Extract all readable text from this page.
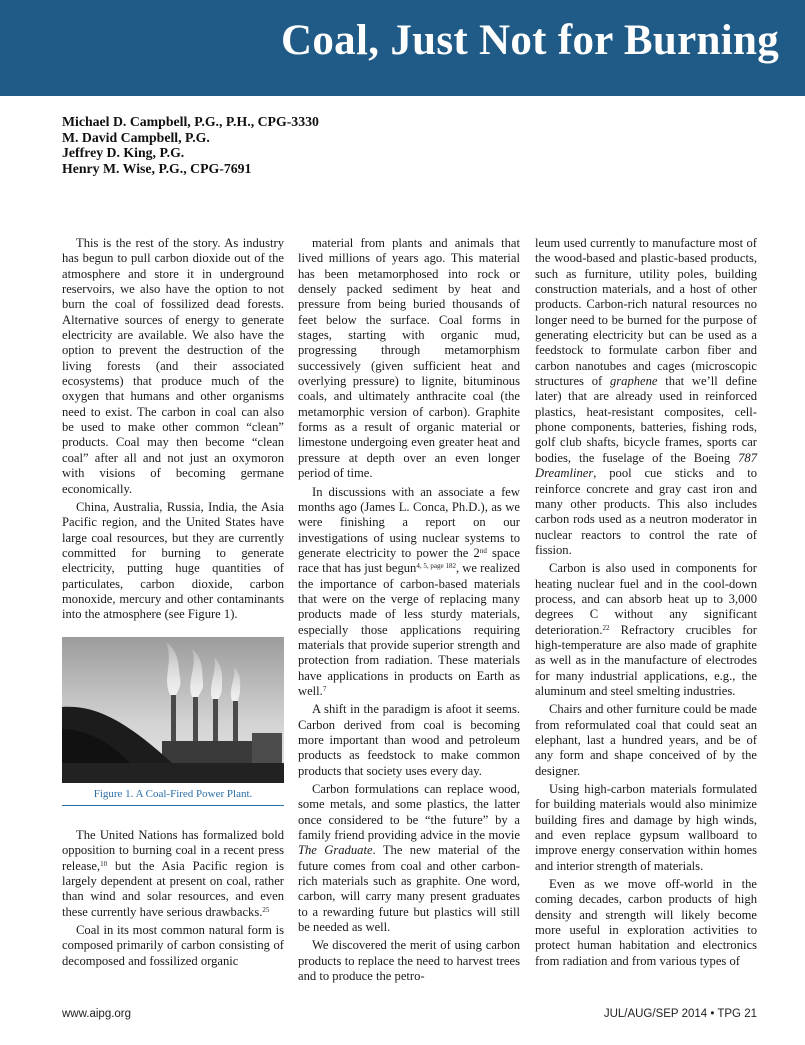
Coal, Just Not for Burning
Michael D. Campbell, P.G., P.H., CPG-3330
M. David Campbell, P.G.
Jeffrey D. King, P.G.
Henry M. Wise, P.G., CPG-7691

This is the rest of the story. As industry has begun to pull carbon dioxide out of the atmosphere and store it in underground reservoirs, we also have the option to not burn the coal of fossilized dead forests. Alternative sources of energy to generate electricity are available. We also have the option to prevent the destruction of the living forests (and their associated ecosystems) that produce much of the oxygen that humans and other organisms need to exist. The carbon in coal can also be used to make other common “clean” products. Coal may then become “clean coal” after all and not just an oxymoron with visions of becoming germane economically.

China, Australia, Russia, India, the Asia Pacific region, and the United States have large coal resources, but they are currently committed for burning to generate electricity, putting huge quantities of particulates, carbon dioxide, carbon monoxide, mercury and other contaminants into the atmosphere (see Figure 1).

Figure 1. A Coal-Fired Power Plant.

The United Nations has formalized bold opposition to burning coal in a recent press release,$^{10}$ but the Asia Pacific region is largely dependent at present on coal, rather than wind and solar resources, and even these currently have serious drawbacks.$^{25}$

Coal in its most common natural form is composed primarily of carbon consisting of decomposed and fossilized organic

material from plants and animals that lived millions of years ago. This material has been metamorphosed into rock or densely packed sediment by heat and pressure from being buried thousands of feet below the surface. Coal forms in stages, starting with organic mud, progressing through metamorphism successively (given sufficient heat and overlying pressure) to lignite, bituminous coals, and ultimately anthracite coal (the metamorphic version of carbon). Graphite forms as a result of organic material or limestone undergoing even greater heat and pressure at depth over an even longer period of time.

In discussions with an associate a few months ago (James L. Conca, Ph.D.), as we were finishing a report on our investigations of using nuclear systems to generate electricity to power the 2nd space race that has just begun$^{4, 5, page 182}$, we realized the importance of carbon-based materials that were on the verge of replacing many products made of less sturdy materials, especially those applications requiring materials that provide superior strength and protection from radiation. These materials have applications in products on Earth as well.$^7$

A shift in the paradigm is afoot it seems. Carbon derived from coal is becoming more important than wood and petroleum products as feedstock to make common products that society uses every day.

Carbon formulations can replace wood, some metals, and some plastics, the latter once considered to be “the future” by a family friend providing advice in the movie The Graduate. The new material of the future comes from coal and other carbon-rich materials such as graphite. One word, carbon, will carry many present graduates to a rewarding future but plastics will still be needed as well.

We discovered the merit of using carbon products to replace the need to harvest trees and to produce the petro-

leum used currently to manufacture most of the wood-based and plastic-based products, such as furniture, utility poles, building construction materials, and a host of other products. Carbon-rich natural resources no longer need to be burned for the purpose of generating electricity but can be used as a feedstock to formulate carbon fiber and carbon nanotubes and cages (microscopic structures of graphene that we’ll define later) that are already used in reinforced plastics, heat-resistant composites, cell-phone components, batteries, fishing rods, golf club shafts, bicycle frames, sports car bodies, the fuselage of the Boeing 787 Dreamliner, pool cue sticks and to reinforce concrete and gray cast iron and many other products. This also includes carbon rods used as a neutron moderator in nuclear reactors to control the rate of fission.

Carbon is also used in components for heating nuclear fuel and in the cool-down process, and can absorb heat up to 3,000 degrees C without any significant deterioration.$^{22}$ Refractory crucibles for high-temperature are also made of graphite as well as in the manufacture of electrodes for many industrial applications, e.g., the aluminum and steel smelting industries.

Chairs and other furniture could be made from reformulated coal that could seat an elephant, last a hundred years, and be of any form and shape conceived of by the designer.

Using high-carbon materials formulated for building materials would also minimize building fires and damage by high winds, and even replace gypsum wallboard to improve energy conservation within homes and interior strength of materials.

Even as we move off-world in the coming decades, carbon products of high density and strength will likely become more useful in exploration activities to protect human habitation and electronics from radiation and from various types of

www.aipg.org	JUL/AUG/SEP 2014 • TPG 21
